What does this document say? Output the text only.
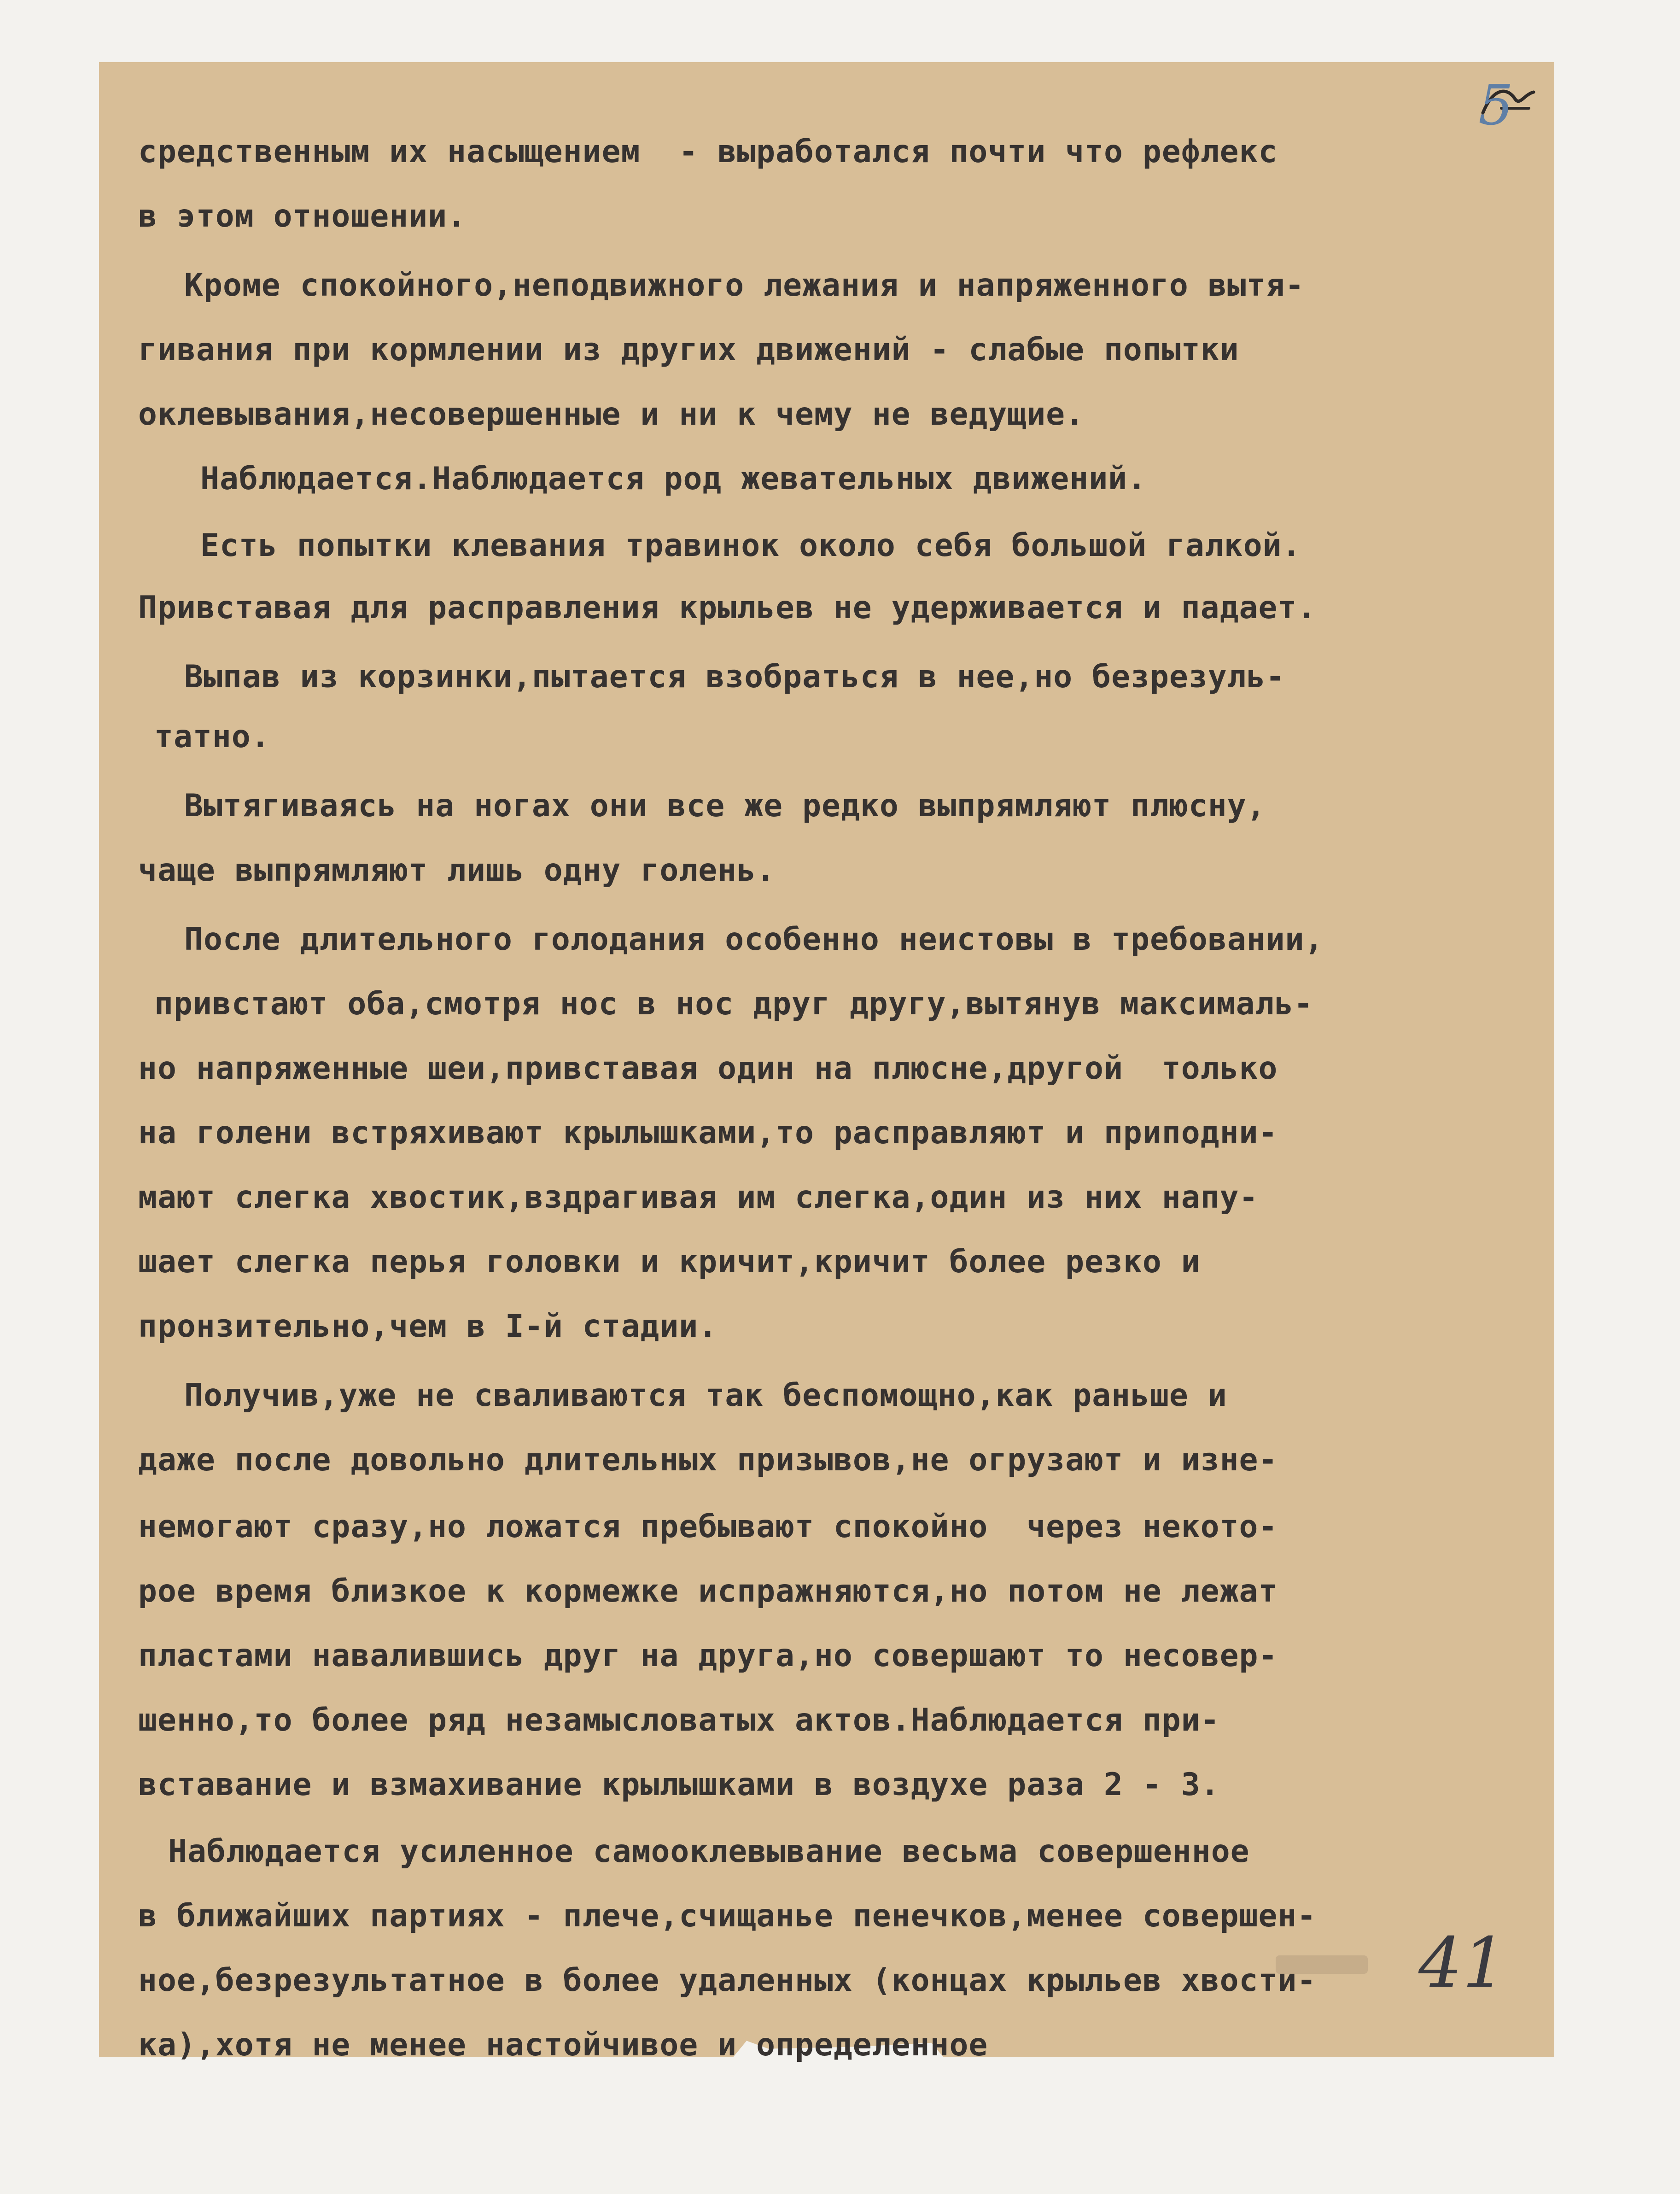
5
средственным их насыщением  - выработался почти что рефлекс
в этом отношении.
Кроме спокойного,неподвижного лежания и напряженного вытя-
гивания при кормлении из других движений - слабые попытки
оклевывания,несовершенные и ни к чему не ведущие.
Наблюдается.Наблюдается род жевательных движений.
Есть попытки клевания травинок около себя большой галкой.
Привставая для расправления крыльев не удерживается и падает.
Выпав из корзинки,пытается взобраться в нее,но безрезуль-
татно.
Вытягиваясь на ногах они все же редко выпрямляют плюсну,
чаще выпрямляют лишь одну голень.
После длительного голодания особенно неистовы в требовании,
привстают оба,смотря нос в нос друг другу,вытянув максималь-
но напряженные шеи,привставая один на плюсне,другой  только
на голени встряхивают крылышками,то расправляют и приподни-
мают слегка хвостик,вздрагивая им слегка,один из них напу-
шает слегка перья головки и кричит,кричит более резко и
пронзительно,чем в I-й стадии.
Получив,уже не сваливаются так беспомощно,как раньше и
даже после довольно длительных призывов,не огрузают и изне-
немогают сразу,но ложатся пребывают спокойно  через некото-
рое время близкое к кормежке испражняются,но потом не лежат
пластами навалившись друг на друга,но совершают то несовер-
шенно,то более ряд незамысловатых актов.Наблюдается при-
вставание и взмахивание крылышками в воздухе раза 2 - 3.
Наблюдается усиленное самооклевывание весьма совершенное
в ближайших партиях - плече,счищанье пенечков,менее совершен-
ное,безрезультатное в более удаленных (концах крыльев хвости-
ка),хотя не менее настойчивое и определенное
41
